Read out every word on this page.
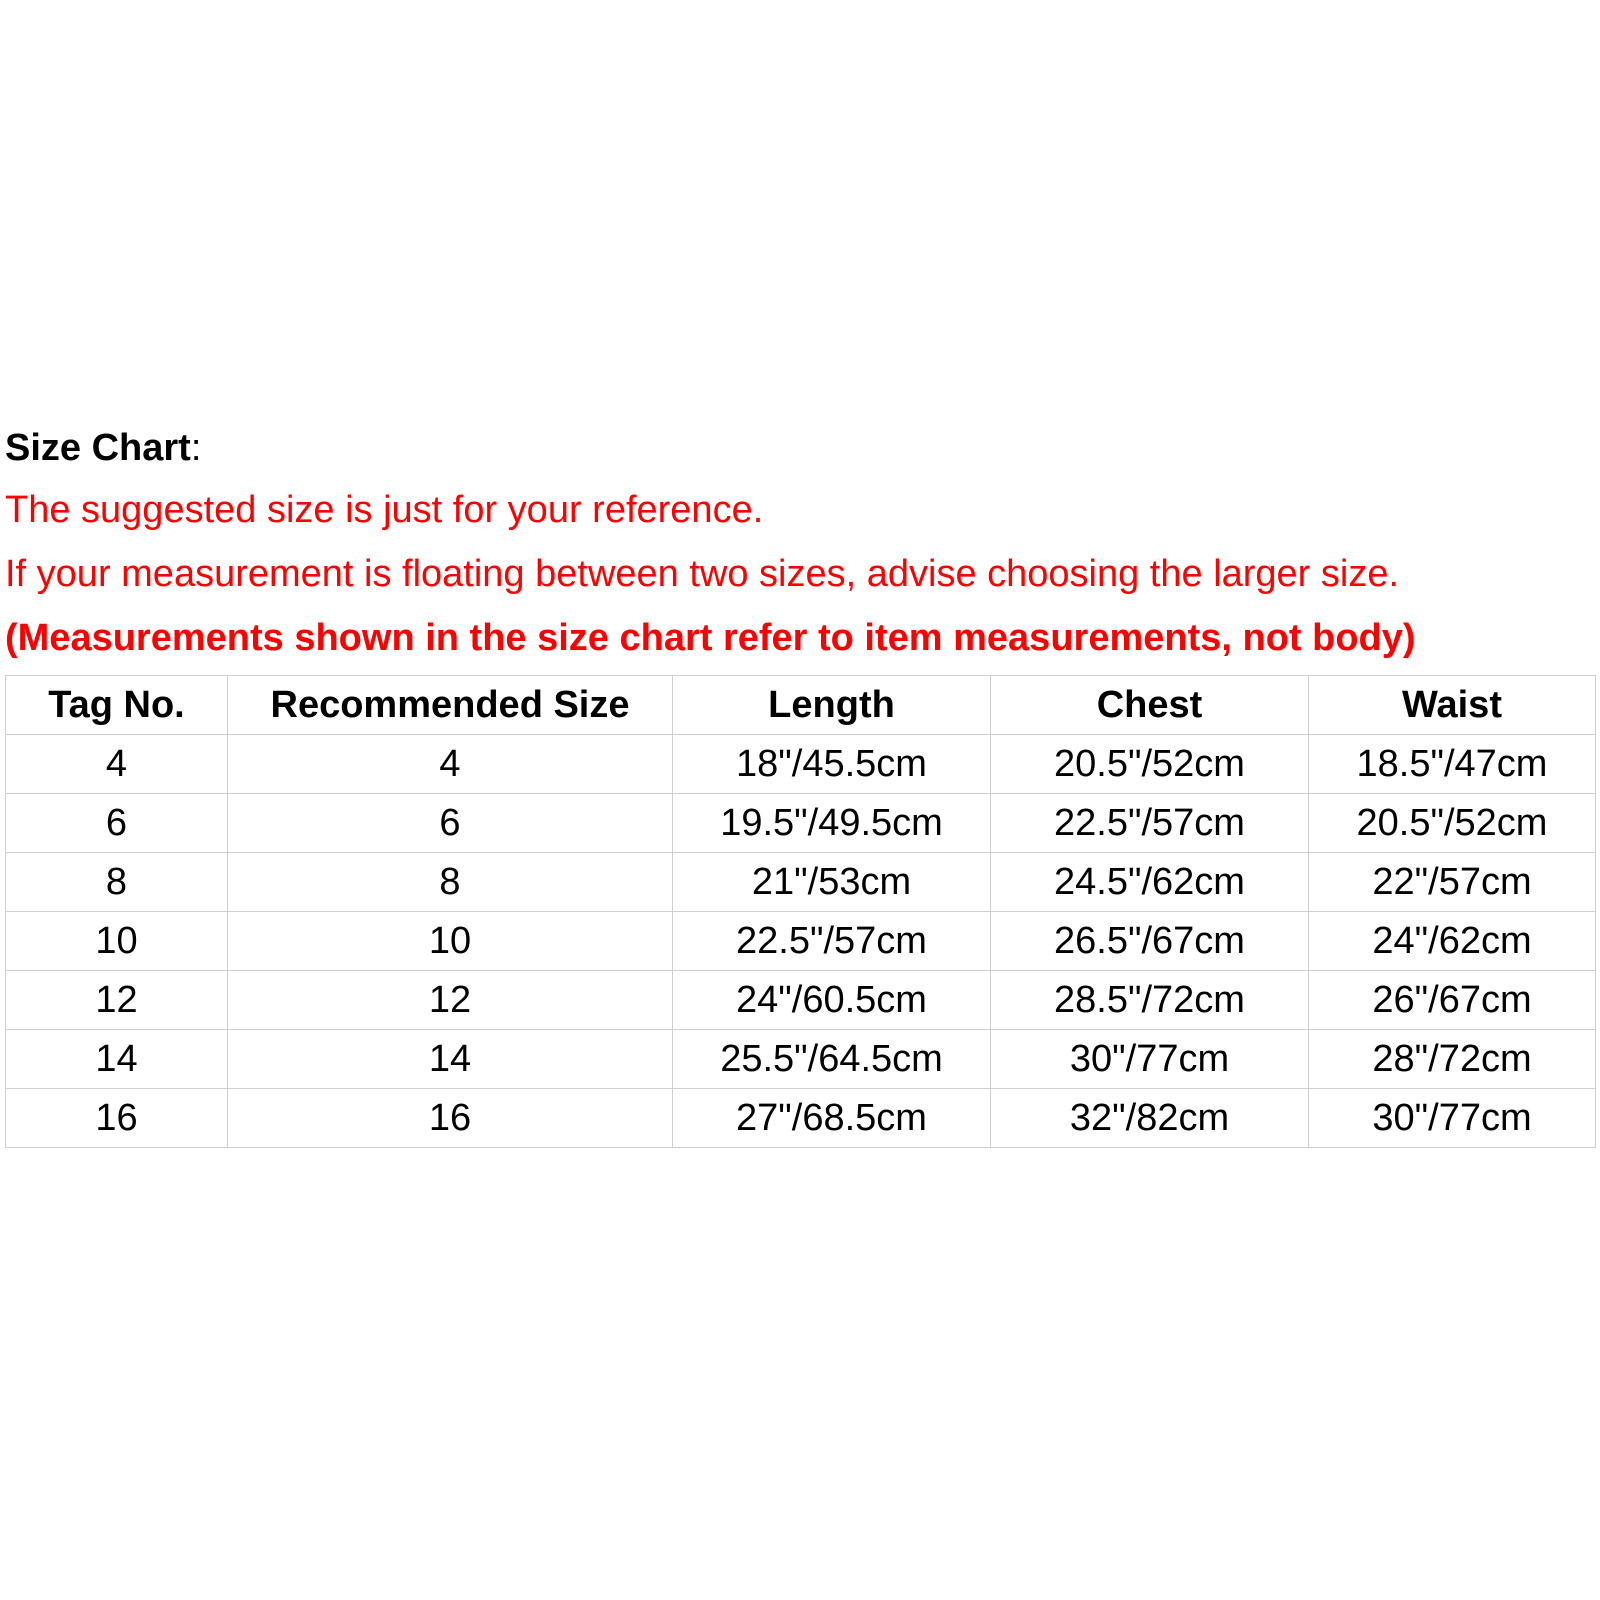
Size Chart:
The suggested size is just for your reference.
If your measurement is floating between two sizes, advise choosing the larger size.
(Measurements shown in the size chart refer to item measurements, not body)
Tag No.	Recommended Size	Length	Chest	Waist
4	4	18"/45.5cm	20.5"/52cm	18.5"/47cm
6	6	19.5"/49.5cm	22.5"/57cm	20.5"/52cm
8	8	21"/53cm	24.5"/62cm	22"/57cm
10	10	22.5"/57cm	26.5"/67cm	24"/62cm
12	12	24"/60.5cm	28.5"/72cm	26"/67cm
14	14	25.5"/64.5cm	30"/77cm	28"/72cm
16	16	27"/68.5cm	32"/82cm	30"/77cm
